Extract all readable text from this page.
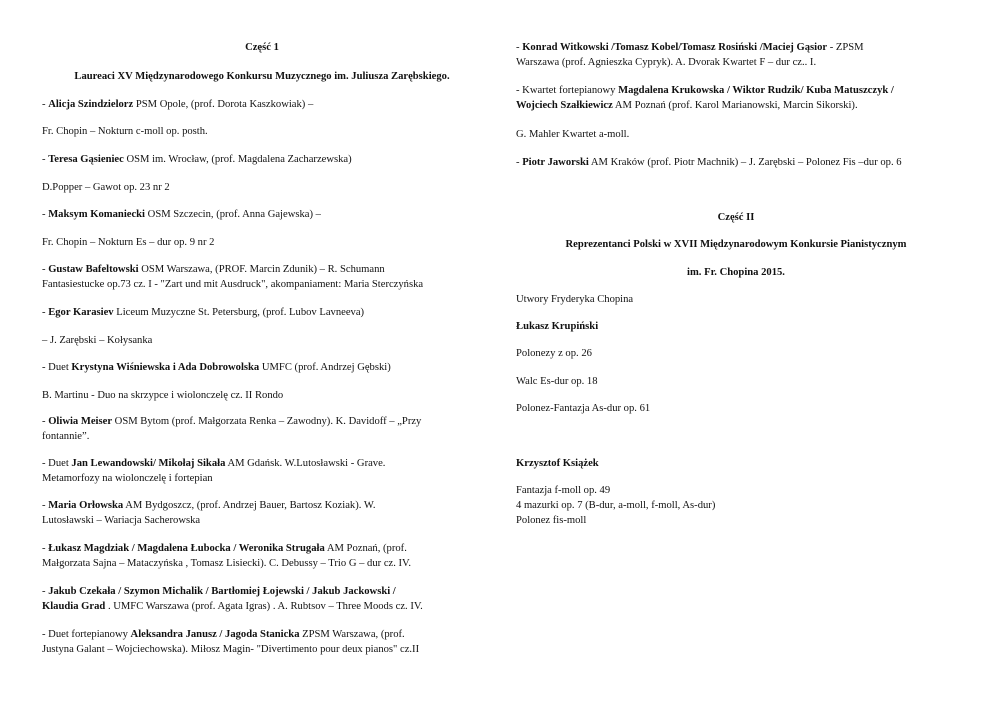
Część 1

Laureaci XV Międzynarodowego Konkursu Muzycznego im. Juliusza Zarębskiego.

- Alicja Szindzielorz PSM Opole, (prof. Dorota Kaszkowiak) –

Fr. Chopin – Nokturn c-moll op. posth.

- Teresa Gąsieniec OSM im. Wrocław, (prof. Magdalena Zacharzewska)

D.Popper – Gawot op. 23 nr 2

- Maksym Komaniecki OSM Szczecin, (prof. Anna Gajewska) –

Fr. Chopin – Nokturn Es – dur op. 9 nr 2

- Gustaw Bafeltowski OSM Warszawa, (PROF. Marcin Zdunik) – R. Schumann
Fantasiestucke op.73 cz. I - "Zart und mit Ausdruck", akompaniament: Maria Sterczyńska

- Egor Karasiev Liceum Muzyczne St. Petersburg, (prof. Lubov Lavneeva)

– J. Zarębski – Kołysanka

- Duet Krystyna Wiśniewska i Ada Dobrowolska UMFC (prof. Andrzej Gębski)

B. Martinu - Duo na skrzypce i wiolonczelę cz. II Rondo

- Oliwia Meiser OSM Bytom (prof. Małgorzata Renka – Zawodny). K. Davidoff – „Przy
fontannie”.

- Duet Jan Lewandowski/ Mikołaj Sikała AM Gdańsk. W.Lutosławski - Grave.
Metamorfozy na wiolonczelę i fortepian

- Maria Orłowska AM Bydgoszcz, (prof. Andrzej Bauer, Bartosz Koziak). W.
Lutosławski – Wariacja Sacherowska

- Łukasz Magdziak / Magdalena Łubocka / Weronika Strugała AM Poznań, (prof.
Małgorzata Sajna – Mataczyńska , Tomasz Lisiecki). C. Debussy – Trio G – dur cz. IV.

- Jakub Czekała / Szymon Michalik / Bartłomiej Łojewski / Jakub Jackowski /
Klaudia Grad . UMFC Warszawa (prof. Agata Igras) . A. Rubtsov – Three Moods cz. IV.

- Duet fortepianowy Aleksandra Janusz / Jagoda Stanicka ZPSM Warszawa, (prof.
Justyna Galant – Wojciechowska). Miłosz Magin- "Divertimento pour deux pianos" cz.II

- Konrad Witkowski /Tomasz Kobel/Tomasz Rosiński /Maciej Gąsior - ZPSM
Warszawa (prof. Agnieszka Cypryk). A. Dvorak Kwartet F – dur cz.. I.

- Kwartet fortepianowy Magdalena Krukowska / Wiktor Rudzik/ Kuba Matuszczyk /
Wojciech Szałkiewicz AM Poznań (prof. Karol Marianowski, Marcin Sikorski).

G. Mahler Kwartet a-moll.

- Piotr Jaworski AM Kraków (prof. Piotr Machnik) – J. Zarębski – Polonez Fis –dur op. 6

Część II

Reprezentanci Polski w XVII Międzynarodowym Konkursie Pianistycznym

im. Fr. Chopina 2015.

Utwory Fryderyka Chopina

Łukasz Krupiński

Polonezy z op. 26

Walc Es-dur op. 18

Polonez-Fantazja As-dur op. 61

Krzysztof Książek

Fantazja f-moll op. 49

4 mazurki op. 7 (B-dur, a-moll, f-moll, As-dur)

Polonez fis-moll
